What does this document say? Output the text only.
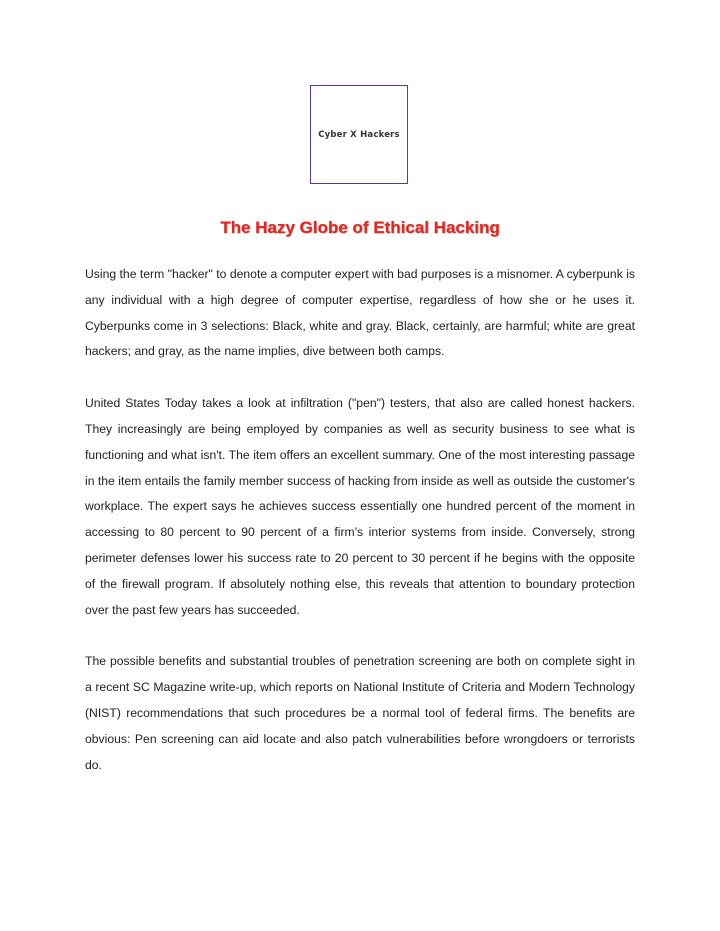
Cyber X Hackers
The Hazy Globe of Ethical Hacking

Using the term "hacker" to denote a computer expert with bad purposes is a misnomer. A cyberpunk is any individual with a high degree of computer expertise, regardless of how she or he uses it. Cyberpunks come in 3 selections: Black, white and gray. Black, certainly, are harmful; white are great hackers; and gray, as the name implies, dive between both camps.

United States Today takes a look at infiltration ("pen") testers, that also are called honest hackers. They increasingly are being employed by companies as well as security business to see what is functioning and what isn't. The item offers an excellent summary. One of the most interesting passage in the item entails the family member success of hacking from inside as well as outside the customer's workplace. The expert says he achieves success essentially one hundred percent of the moment in accessing to 80 percent to 90 percent of a firm's interior systems from inside. Conversely, strong perimeter defenses lower his success rate to 20 percent to 30 percent if he begins with the opposite of the firewall program. If absolutely nothing else, this reveals that attention to boundary protection over the past few years has succeeded.

The possible benefits and substantial troubles of penetration screening are both on complete sight in a recent SC Magazine write-up, which reports on National Institute of Criteria and Modern Technology (NIST) recommendations that such procedures be a normal tool of federal firms. The benefits are obvious: Pen screening can aid locate and also patch vulnerabilities before wrongdoers or terrorists do.
